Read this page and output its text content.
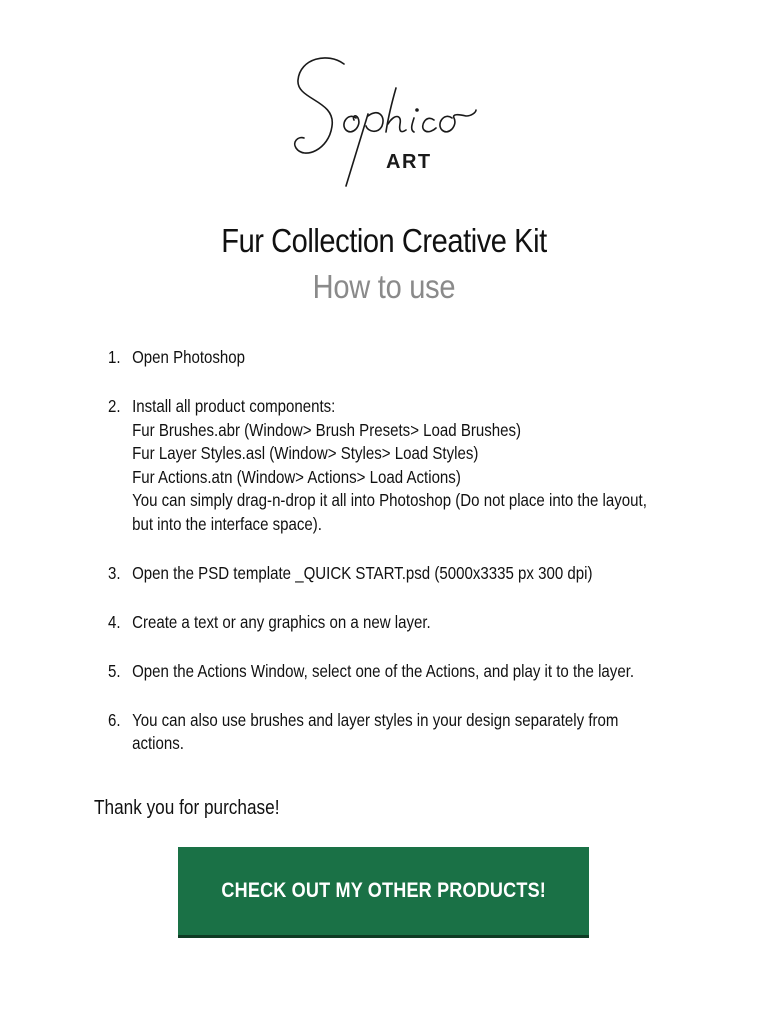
ART
Fur Collection Creative Kit
How to use
1. Open Photoshop
2. Install all product components:
Fur Brushes.abr (Window> Brush Presets> Load Brushes)
Fur Layer Styles.asl (Window> Styles> Load Styles)
Fur Actions.atn (Window> Actions> Load Actions)
You can simply drag-n-drop it all into Photoshop (Do not place into the layout,
but into the interface space).
3. Open the PSD template _QUICK START.psd (5000x3335 px 300 dpi)
4. Create a text or any graphics on a new layer.
5. Open the Actions Window, select one of the Actions, and play it to the layer.
6. You can also use brushes and layer styles in your design separately from
actions.
Thank you for purchase!
CHECK OUT MY OTHER PRODUCTS!
